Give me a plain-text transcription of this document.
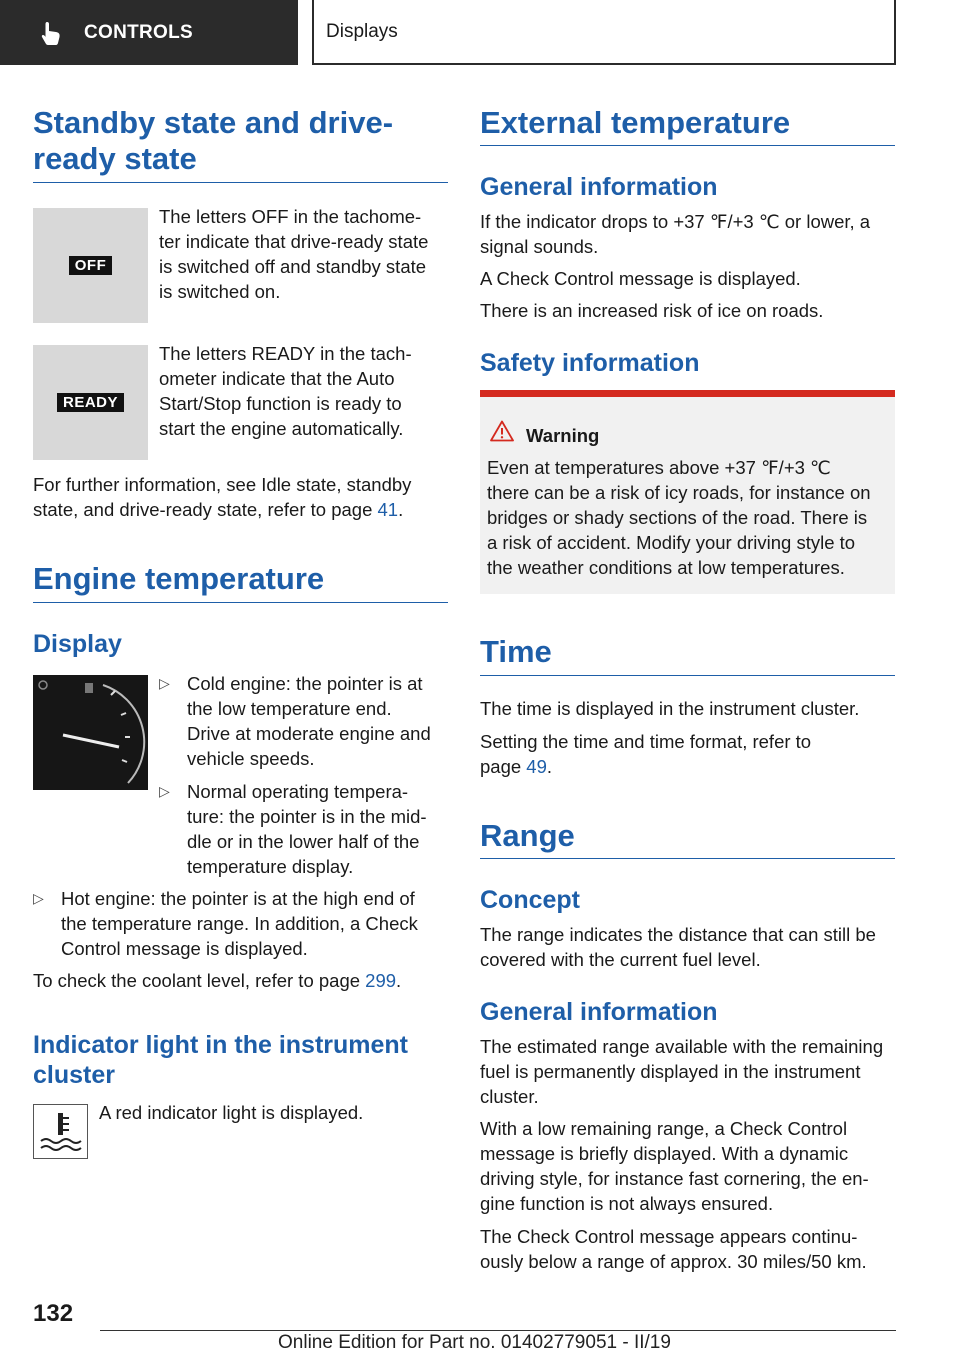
CONTROLS	Displays
Standby state and drive-
ready state
OFF
The letters OFF in the tachome-
ter indicate that drive-ready state
is switched off and standby state
is switched on.
READY
The letters READY in the tach-
ometer indicate that the Auto
Start/Stop function is ready to
start the engine automatically.
For further information, see Idle state, standby
state, and drive-ready state, refer to page 41.
Engine temperature
Display
▷ Cold engine: the pointer is at
the low temperature end.
Drive at moderate engine and
vehicle speeds.
▷ Normal operating tempera-
ture: the pointer is in the mid-
dle or in the lower half of the
temperature display.
▷ Hot engine: the pointer is at the high end of
the temperature range. In addition, a Check
Control message is displayed.
To check the coolant level, refer to page 299.
Indicator light in the instrument
cluster
A red indicator light is displayed.
External temperature
General information
If the indicator drops to +37 ℉/+3 ℃ or lower, a
signal sounds.
A Check Control message is displayed.
There is an increased risk of ice on roads.
Safety information
Warning
Even at temperatures above +37 ℉/+3 ℃
there can be a risk of icy roads, for instance on
bridges or shady sections of the road. There is
a risk of accident. Modify your driving style to
the weather conditions at low temperatures.
Time
The time is displayed in the instrument cluster.
Setting the time and time format, refer to
page 49.
Range
Concept
The range indicates the distance that can still be
covered with the current fuel level.
General information
The estimated range available with the remaining
fuel is permanently displayed in the instrument
cluster.
With a low remaining range, a Check Control
message is briefly displayed. With a dynamic
driving style, for instance fast cornering, the en-
gine function is not always ensured.
The Check Control message appears continu-
ously below a range of approx. 30 miles/50 km.
132
Online Edition for Part no. 01402779051 - II/19
